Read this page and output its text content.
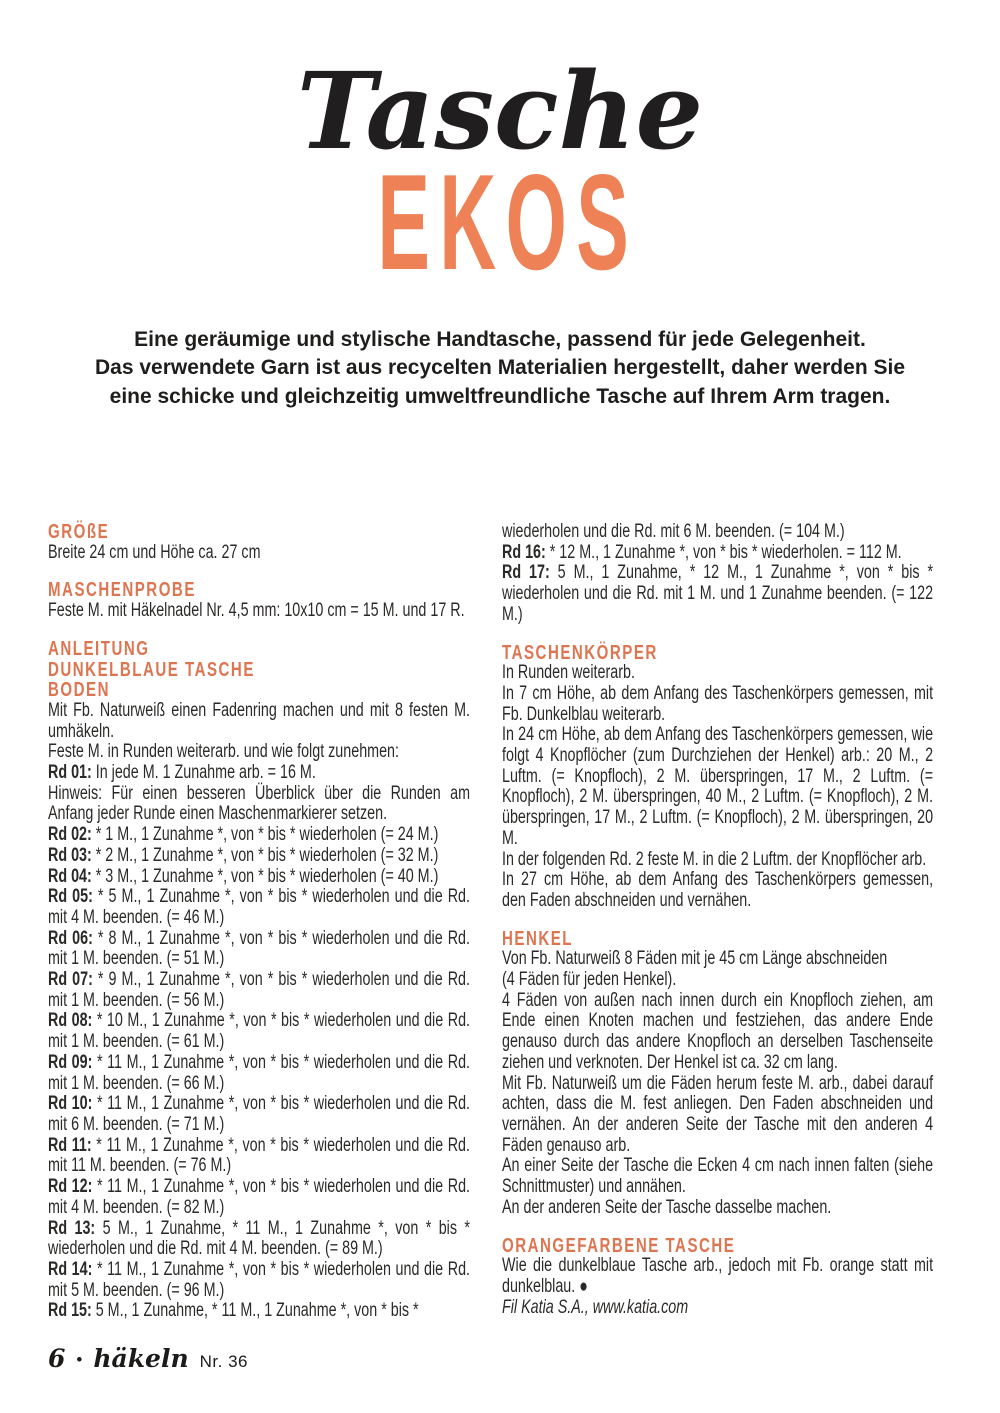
Tasche
EKOS
Eine geräumige und stylische Handtasche, passend für jede Gelegenheit.
Das verwendete Garn ist aus recycelten Materialien hergestellt, daher werden Sie
eine schicke und gleichzeitig umweltfreundliche Tasche auf Ihrem Arm tragen.
GRÖßE

Breite 24 cm und Höhe ca. 27 cm

MASCHENPROBE

Feste M. mit Häkelnadel Nr. 4,5 mm: 10x10 cm = 15 M. und 17 R.

ANLEITUNG
DUNKELBLAUE TASCHE
BODEN

Mit Fb. Naturweiß einen Fadenring machen und mit 8 festen M. umhäkeln.

Feste M. in Runden weiterarb. und wie folgt zunehmen:

Rd 01: In jede M. 1 Zunahme arb. = 16 M.

Hinweis: Für einen besseren Überblick über die Runden am Anfang jeder Runde einen Maschenmarkierer setzen.

Rd 02: * 1 M., 1 Zunahme *, von * bis * wiederholen (= 24 M.)

Rd 03: * 2 M., 1 Zunahme *, von * bis * wiederholen (= 32 M.)

Rd 04: * 3 M., 1 Zunahme *, von * bis * wiederholen (= 40 M.)

Rd 05: * 5 M., 1 Zunahme *, von * bis * wiederholen und die Rd. mit 4 M. beenden. (= 46 M.)

Rd 06: * 8 M., 1 Zunahme *, von * bis * wiederholen und die Rd. mit 1 M. beenden. (= 51 M.)

Rd 07: * 9 M., 1 Zunahme *, von * bis * wiederholen und die Rd. mit 1 M. beenden. (= 56 M.)

Rd 08: * 10 M., 1 Zunahme *, von * bis * wiederholen und die Rd. mit 1 M. beenden. (= 61 M.)

Rd 09: * 11 M., 1 Zunahme *, von * bis * wiederholen und die Rd. mit 1 M. beenden. (= 66 M.)

Rd 10: * 11 M., 1 Zunahme *, von * bis * wiederholen und die Rd. mit 6 M. beenden. (= 71 M.)

Rd 11: * 11 M., 1 Zunahme *, von * bis * wiederholen und die Rd. mit 11 M. beenden. (= 76 M.)

Rd 12: * 11 M., 1 Zunahme *, von * bis * wiederholen und die Rd. mit 4 M. beenden. (= 82 M.)

Rd 13: 5 M., 1 Zunahme, * 11 M., 1 Zunahme *, von * bis * wiederholen und die Rd. mit 4 M. beenden. (= 89 M.)

Rd 14: * 11 M., 1 Zunahme *, von * bis * wiederholen und die Rd. mit 5 M. beenden. (= 96 M.)

Rd 15: 5 M., 1 Zunahme, * 11 M., 1 Zunahme *, von * bis *

wiederholen und die Rd. mit 6 M. beenden. (= 104 M.)

Rd 16: * 12 M., 1 Zunahme *, von * bis * wiederholen. = 112 M.

Rd 17: 5 M., 1 Zunahme, * 12 M., 1 Zunahme *, von * bis * wiederholen und die Rd. mit 1 M. und 1 Zunahme beenden. (= 122 M.)

TASCHENKÖRPER

In Runden weiterarb.

In 7 cm Höhe, ab dem Anfang des Taschenkörpers gemessen, mit Fb. Dunkelblau weiterarb.

In 24 cm Höhe, ab dem Anfang des Taschenkörpers gemessen, wie folgt 4 Knopflöcher (zum Durchziehen der Henkel) arb.: 20 M., 2 Luftm. (= Knopfloch), 2 M. überspringen, 17 M., 2 Luftm. (= Knopfloch), 2 M. überspringen, 40 M., 2 Luftm. (= Knopfloch), 2 M. überspringen, 17 M., 2 Luftm. (= Knopfloch), 2 M. überspringen, 20 M.

In der folgenden Rd. 2 feste M. in die 2 Luftm. der Knopflöcher arb.

In 27 cm Höhe, ab dem Anfang des Taschenkörpers gemessen, den Faden abschneiden und vernähen.

HENKEL

Von Fb. Naturweiß 8 Fäden mit je 45 cm Länge abschneiden

(4 Fäden für jeden Henkel).

4 Fäden von außen nach innen durch ein Knopfloch ziehen, am Ende einen Knoten machen und festziehen, das andere Ende genauso durch das andere Knopfloch an derselben Taschenseite ziehen und verknoten. Der Henkel ist ca. 32 cm lang.

Mit Fb. Naturweiß um die Fäden herum feste M. arb., dabei darauf achten, dass die M. fest anliegen. Den Faden abschneiden und vernähen. An der anderen Seite der Tasche mit den anderen 4 Fäden genauso arb.

An einer Seite der Tasche die Ecken 4 cm nach innen falten (siehe Schnittmuster) und annähen.

An der anderen Seite der Tasche dasselbe machen.

ORANGEFARBENE TASCHE

Wie die dunkelblaue Tasche arb., jedoch mit Fb. orange statt mit dunkelblau. ●

Fil Katia S.A., www.katia.com

6 • häkeln Nr. 36
